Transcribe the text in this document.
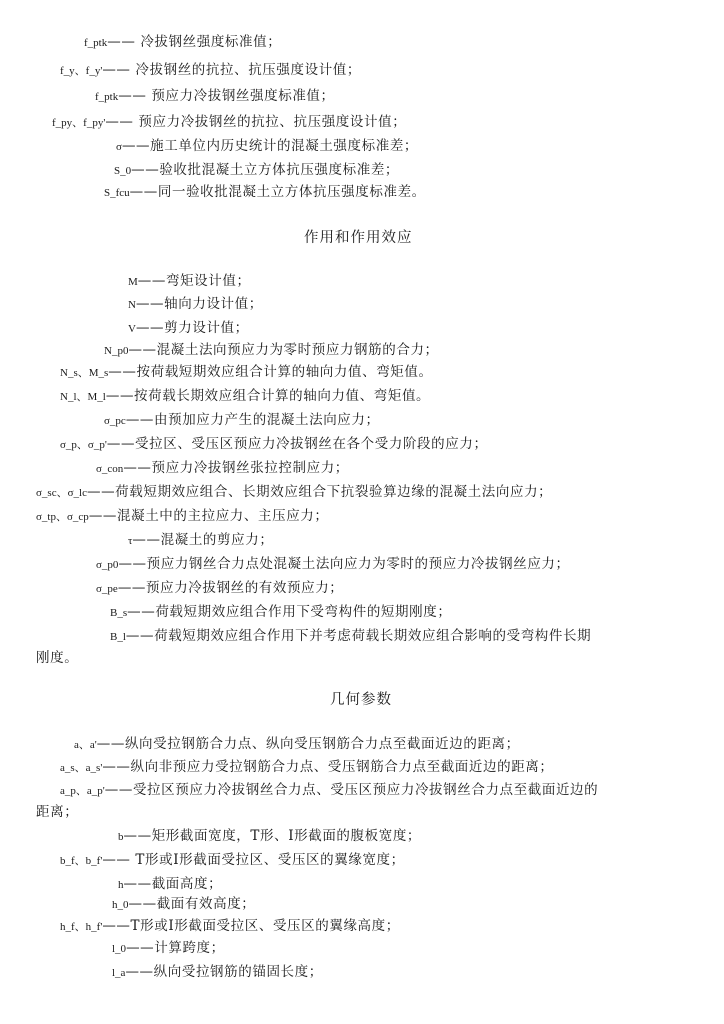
f_ptk—— 冷拔钢丝强度标准值；
f_y、f_y'—— 冷拔钢丝的抗拉、抗压强度设计值；
f_ptk—— 预应力冷拔钢丝强度标准值；
f_py、f_py'—— 预应力冷拔钢丝的抗拉、抗压强度设计值；
σ——施工单位内历史统计的混凝土强度标准差；
S_0——验收批混凝土立方体抗压强度标准差；
S_fcu——同一验收批混凝土立方体抗压强度标准差。
作用和作用效应
M——弯矩设计值；
N——轴向力设计值；
V——剪力设计值；
N_p0——混凝土法向预应力为零时预应力钢筋的合力；
N_s、M_s——按荷载短期效应组合计算的轴向力值、弯矩值。
N_l、M_l——按荷载长期效应组合计算的轴向力值、弯矩值。
σ_pc——由预加应力产生的混凝土法向应力；
σ_p、σ_p'——受拉区、受压区预应力冷拔钢丝在各个受力阶段的应力；
σ_con——预应力冷拔钢丝张拉控制应力；
σ_sc、σ_lc——荷载短期效应组合、长期效应组合下抗裂验算边缘的混凝土法向应力；
σ_tp、σ_cp——混凝土中的主拉应力、主压应力；
τ——混凝土的剪应力；
σ_p0——预应力钢丝合力点处混凝土法向应力为零时的预应力冷拔钢丝应力；
σ_pe——预应力冷拔钢丝的有效预应力；
B_s——荷载短期效应组合作用下受弯构件的短期刚度；
B_l——荷载短期效应组合作用下并考虑荷载长期效应组合影响的受弯构件长期
刚度。
几何参数
a、a'——纵向受拉钢筋合力点、纵向受压钢筋合力点至截面近边的距离；
a_s、a_s'——纵向非预应力受拉钢筋合力点、受压钢筋合力点至截面近边的距离；
a_p、a_p'——受拉区预应力冷拔钢丝合力点、受压区预应力冷拔钢丝合力点至截面近边的
距离；
b——矩形截面宽度，T形、I形截面的腹板宽度；
b_f、b_f'—— T形或I形截面受拉区、受压区的翼缘宽度；
h——截面高度；
h_0——截面有效高度；
h_f、h_f'——T形或I形截面受拉区、受压区的翼缘高度；
l_0——计算跨度；
l_a——纵向受拉钢筋的锚固长度；
